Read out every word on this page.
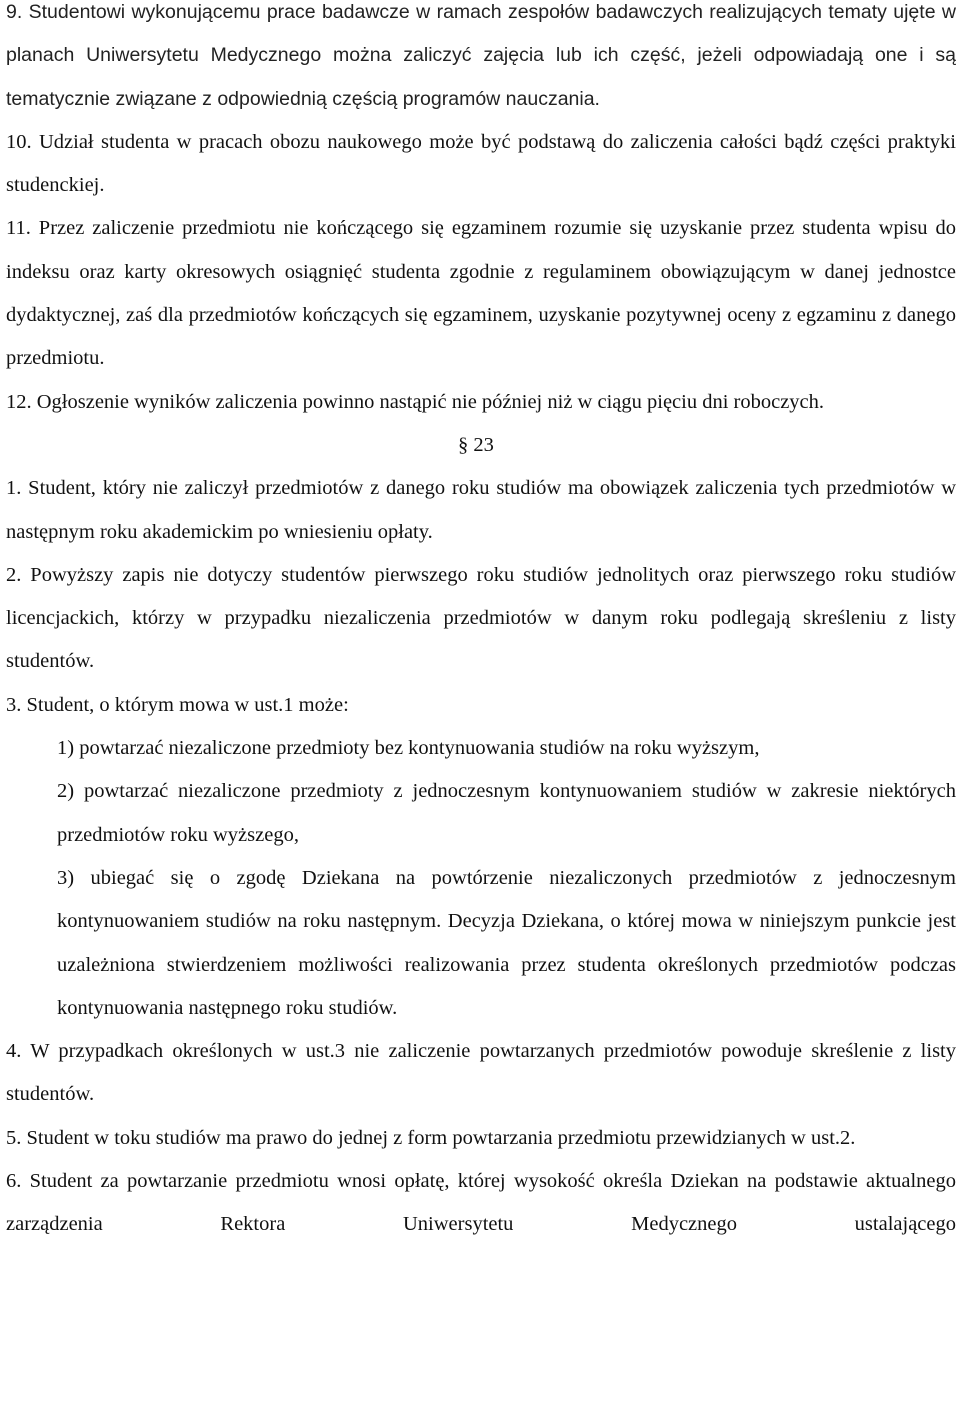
9. Studentowi wykonującemu prace badawcze w ramach zespołów badawczych realizujących tematy ujęte w planach Uniwersytetu Medycznego można zaliczyć zajęcia lub ich część, jeżeli odpowiadają one i są tematycznie związane z odpowiednią częścią programów nauczania.

10. Udział studenta w pracach obozu naukowego może być podstawą do zaliczenia całości bądź części praktyki studenckiej.

11. Przez zaliczenie przedmiotu nie kończącego się egzaminem rozumie się uzyskanie przez studenta wpisu do indeksu oraz karty okresowych osiągnięć studenta zgodnie z regulaminem obowiązującym w danej jednostce dydaktycznej, zaś dla przedmiotów kończących się egzaminem, uzyskanie pozytywnej oceny z egzaminu z danego przedmiotu.

12. Ogłoszenie wyników zaliczenia powinno nastąpić nie później niż w ciągu pięciu dni roboczych.

§ 23

1. Student, który nie zaliczył przedmiotów z danego roku studiów ma obowiązek zaliczenia tych przedmiotów w następnym roku akademickim po wniesieniu opłaty.

2. Powyższy zapis nie dotyczy studentów pierwszego roku studiów jednolitych oraz pierwszego roku studiów licencjackich, którzy w przypadku niezaliczenia przedmiotów w danym roku podlegają skreśleniu z listy studentów.

3. Student, o którym mowa w ust.1 może:

1) powtarzać niezaliczone przedmioty bez kontynuowania studiów na roku wyższym,

2) powtarzać niezaliczone przedmioty z jednoczesnym kontynuowaniem studiów w zakresie niektórych przedmiotów roku wyższego,

3) ubiegać się o zgodę Dziekana na powtórzenie niezaliczonych przedmiotów z jednoczesnym kontynuowaniem studiów na roku następnym. Decyzja Dziekana, o której mowa w niniejszym punkcie jest uzależniona stwierdzeniem możliwości realizowania przez studenta określonych przedmiotów podczas kontynuowania następnego roku studiów.

4. W przypadkach określonych w ust.3 nie zaliczenie powtarzanych przedmiotów powoduje skreślenie z listy studentów.

5. Student w toku studiów ma prawo do jednej z form powtarzania przedmiotu przewidzianych w ust.2.

6. Student za powtarzanie przedmiotu wnosi opłatę, której wysokość określa Dziekan na podstawie aktualnego zarządzenia Rektora Uniwersytetu Medycznego ustalającego
